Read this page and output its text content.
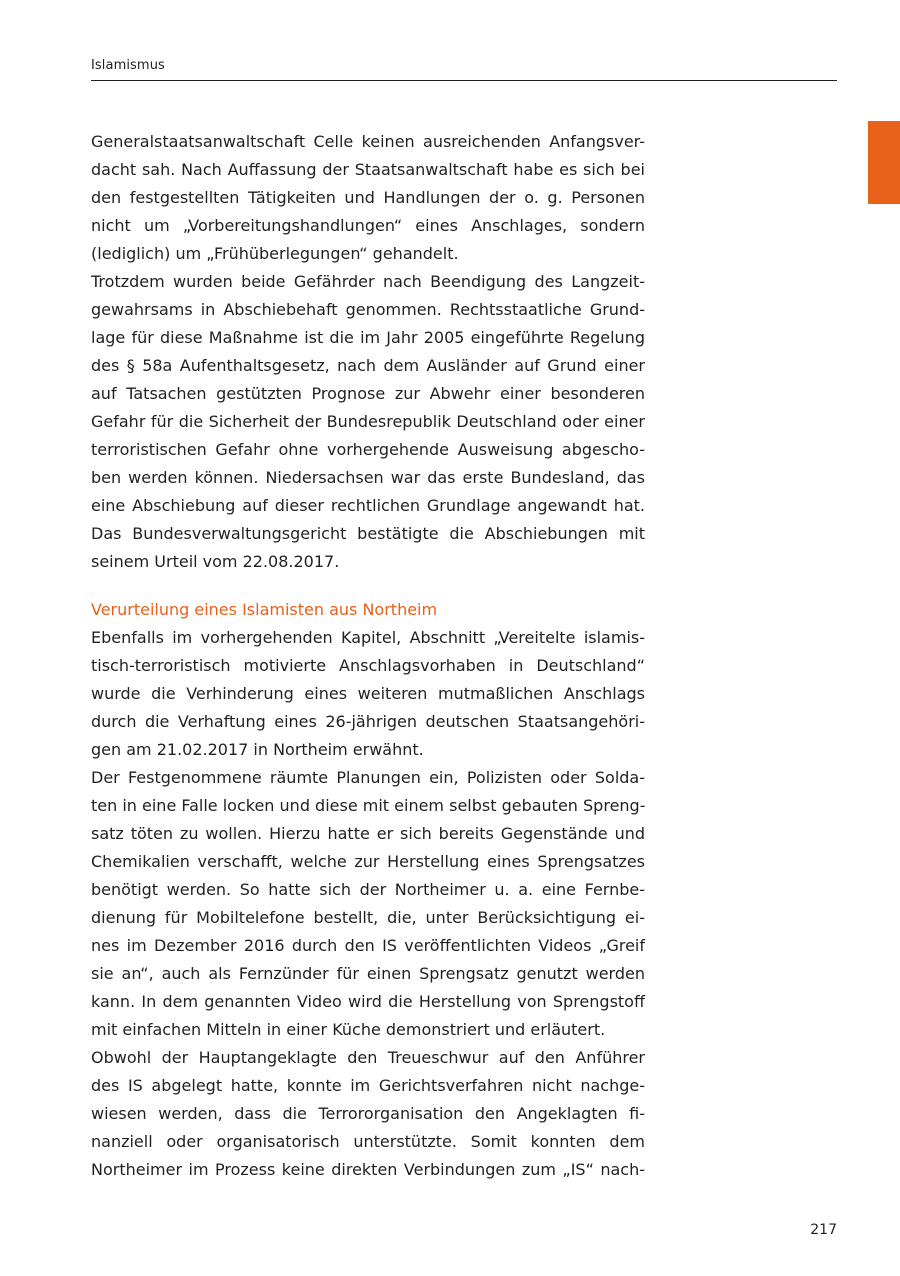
Islamismus
Generalstaatsanwaltschaft Celle keinen ausreichenden Anfangsver-
dacht sah. Nach Auffassung der Staatsanwaltschaft habe es sich bei
den festgestellten Tätigkeiten und Handlungen der o. g. Personen
nicht um „Vorbereitungshandlungen“ eines Anschlages, sondern
(lediglich) um „Frühüberlegungen“ gehandelt.
Trotzdem wurden beide Gefährder nach Beendigung des Langzeit-
gewahrsams in Abschiebehaft genommen. Rechtsstaatliche Grund-
lage für diese Maßnahme ist die im Jahr 2005 eingeführte Regelung
des § 58a Aufenthaltsgesetz, nach dem Ausländer auf Grund einer
auf Tatsachen gestützten Prognose zur Abwehr einer besonderen
Gefahr für die Sicherheit der Bundesrepublik Deutschland oder einer
terroristischen Gefahr ohne vorhergehende Ausweisung abgescho-
ben werden können. Niedersachsen war das erste Bundesland, das
eine Abschiebung auf dieser rechtlichen Grundlage angewandt hat.
Das Bundesverwaltungsgericht bestätigte die Abschiebungen mit
seinem Urteil vom 22.08.2017.
Verurteilung eines Islamisten aus Northeim
Ebenfalls im vorhergehenden Kapitel, Abschnitt „Vereitelte islamis-
tisch-terroristisch motivierte Anschlagsvorhaben in Deutschland“
wurde die Verhinderung eines weiteren mutmaßlichen Anschlags
durch die Verhaftung eines 26-jährigen deutschen Staatsangehöri-
gen am 21.02.2017 in Northeim erwähnt.
Der Festgenommene räumte Planungen ein, Polizisten oder Solda-
ten in eine Falle locken und diese mit einem selbst gebauten Spreng-
satz töten zu wollen. Hierzu hatte er sich bereits Gegenstände und
Chemikalien verschafft, welche zur Herstellung eines Sprengsatzes
benötigt werden. So hatte sich der Northeimer u. a. eine Fernbe-
dienung für Mobiltelefone bestellt, die, unter Berücksichtigung ei-
nes im Dezember 2016 durch den IS veröffentlichten Videos „Greif
sie an“, auch als Fernzünder für einen Sprengsatz genutzt werden
kann. In dem genannten Video wird die Herstellung von Sprengstoff
mit einfachen Mitteln in einer Küche demonstriert und erläutert.
Obwohl der Hauptangeklagte den Treueschwur auf den Anführer
des IS abgelegt hatte, konnte im Gerichtsverfahren nicht nachge-
wiesen werden, dass die Terrororganisation den Angeklagten fi-
nanziell oder organisatorisch unterstützte. Somit konnten dem
Northeimer im Prozess keine direkten Verbindungen zum „IS“ nach-
217
